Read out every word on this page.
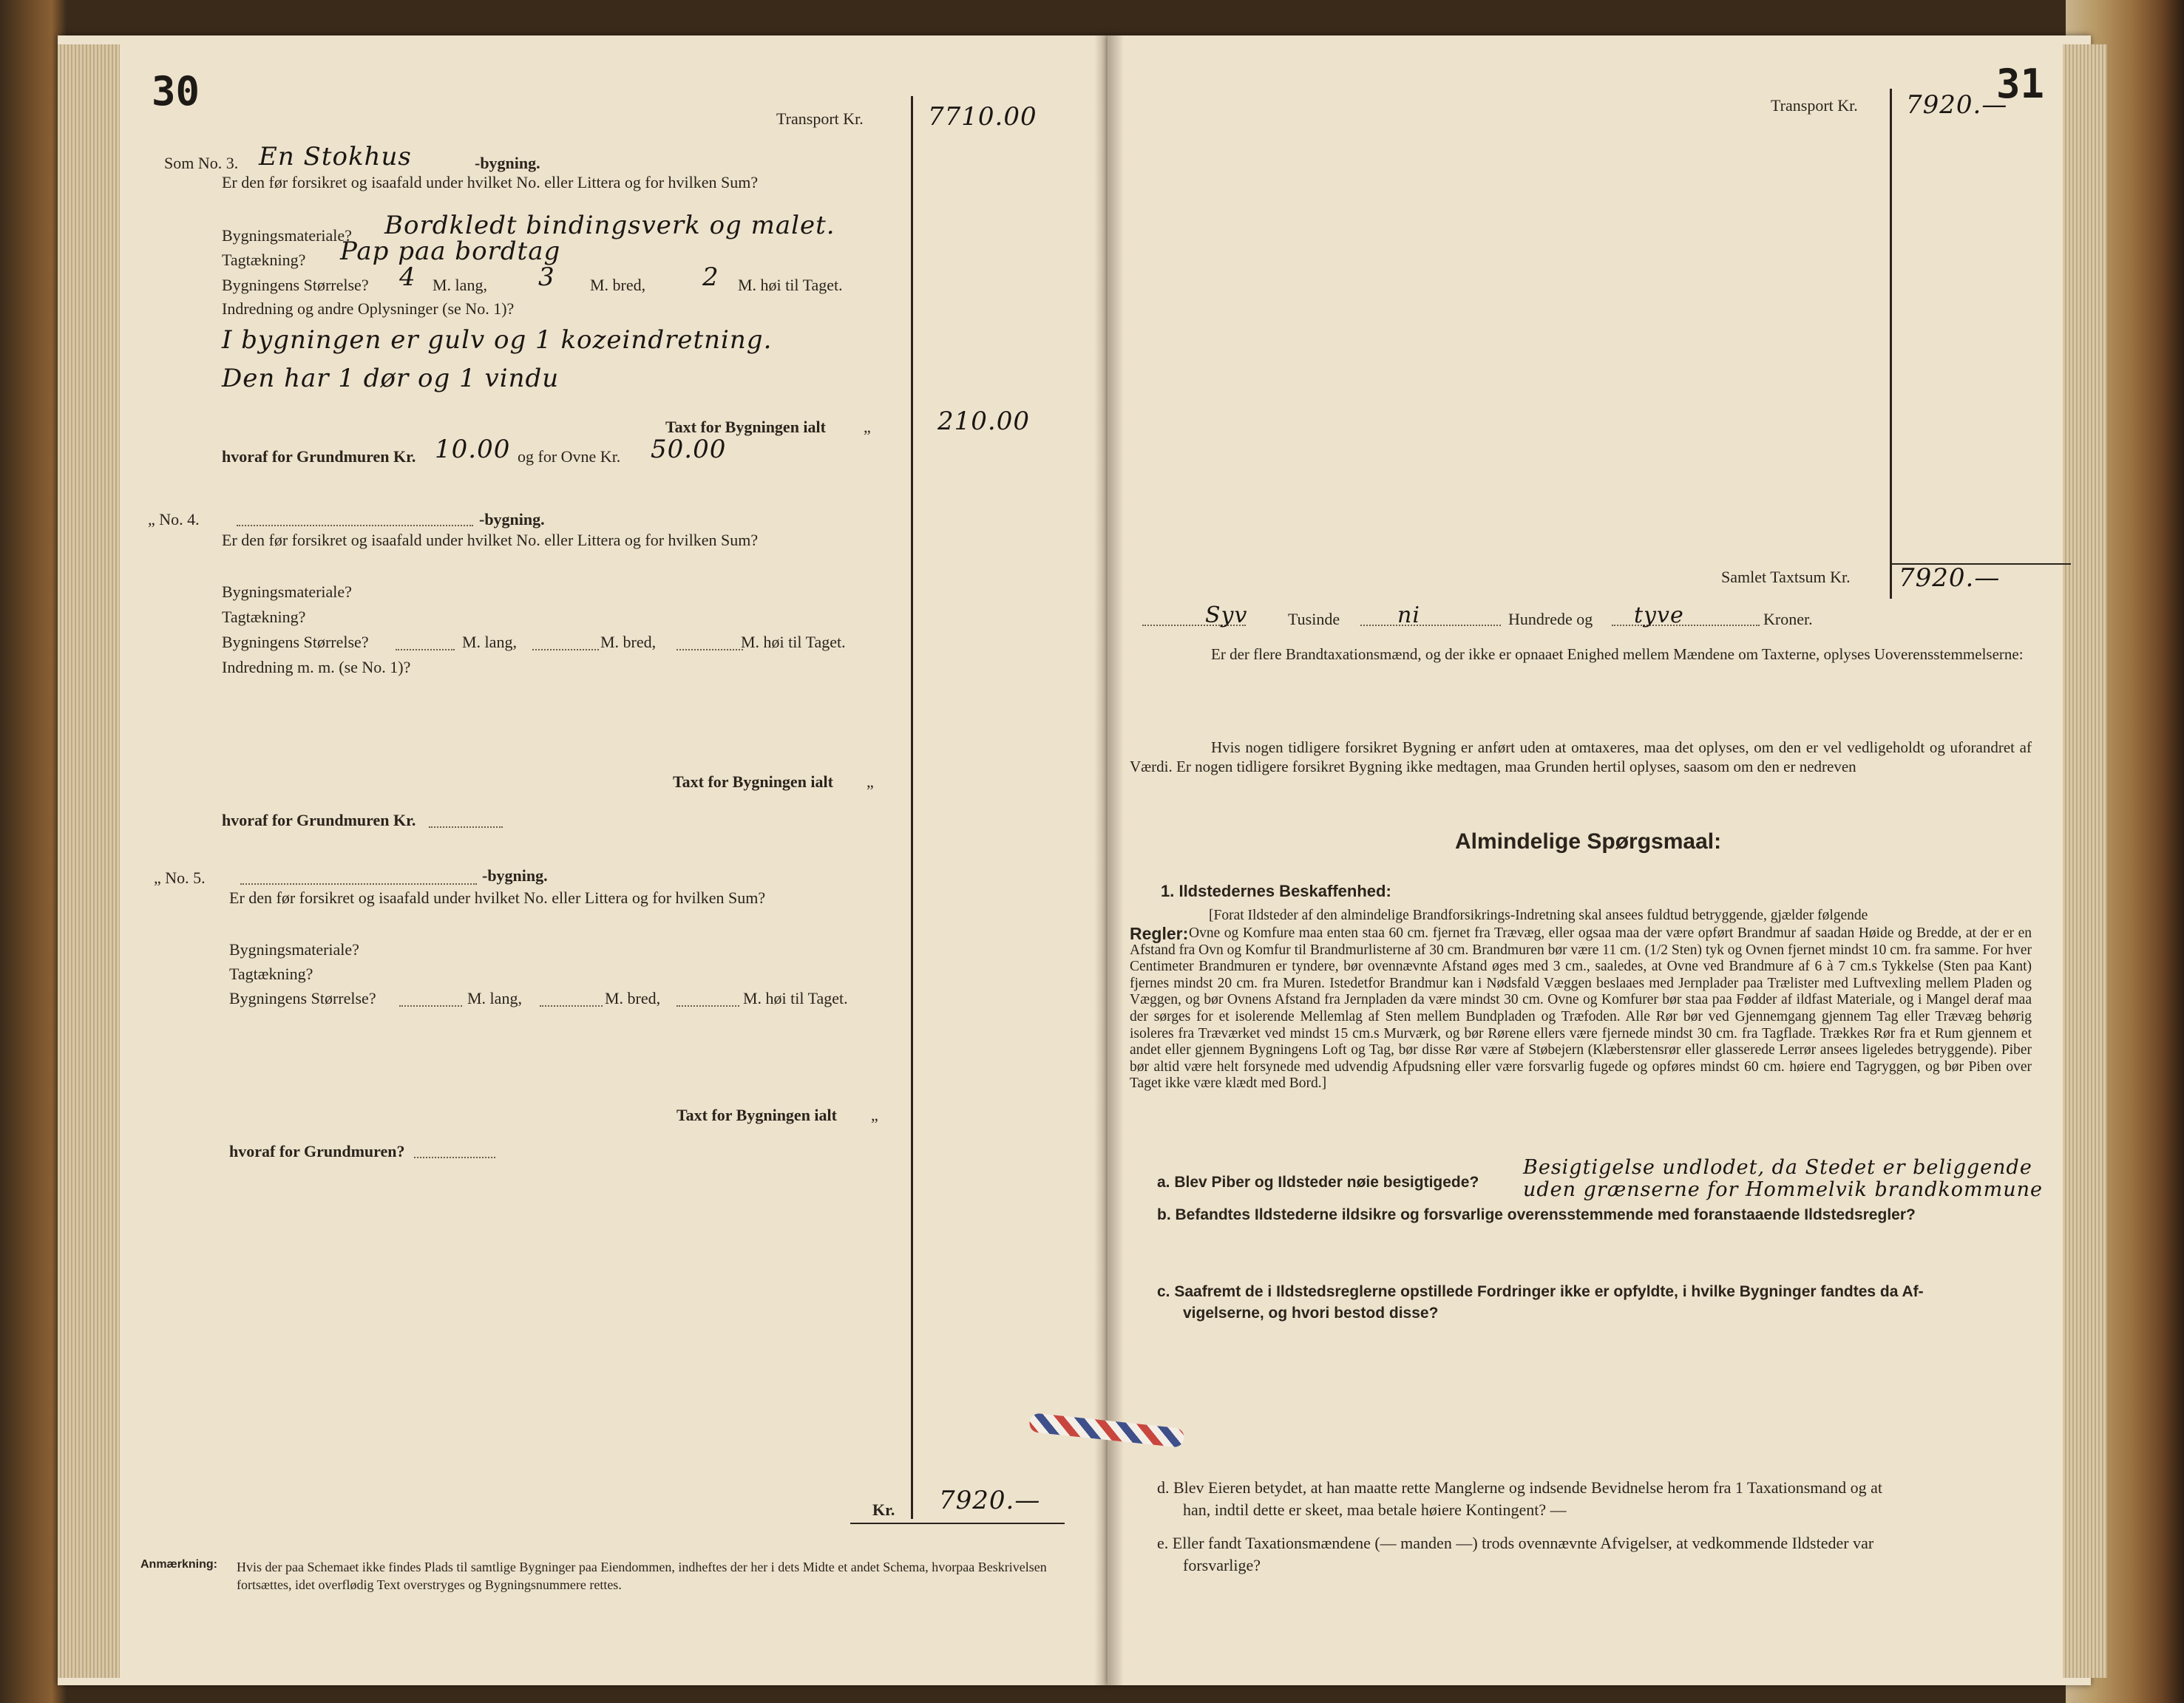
30
Transport Kr.	7710.00
Som No. 3. En Stokhus	-bygning.
Er den før forsikret og isaafald under hvilket No. eller Littera og for hvilken Sum?
Bygningsmateriale? Bordkledt bindingsverk og malet.
Tagtækning? Pap paa bordtag
Bygningens Størrelse? 4 M. lang, 3 M. bred, 2 M. høi til Taget.
Indredning og andre Oplysninger (se No. 1)?
I bygningen er gulv og 1 kozeindretning.
Den har 1 dør og 1 vindu
Taxt for Bygningen ialt „	210.00
hvoraf for Grundmuren Kr. 10.00 og for Ovne Kr. 50.00
„ No. 4.	-bygning.
Er den før forsikret og isaafald under hvilket No. eller Littera og for hvilken Sum?
Bygningsmateriale?
Tagtækning?
Bygningens Størrelse?	M. lang,	M. bred,	M. høi til Taget.
Indredning m. m. (se No. 1)?
Taxt for Bygningen ialt „
hvoraf for Grundmuren Kr.
„ No. 5.	-bygning.
Er den før forsikret og isaafald under hvilket No. eller Littera og for hvilken Sum?
Bygningsmateriale?
Tagtækning?
Bygningens Størrelse?	M. lang,	M. bred,	M. høi til Taget.
Taxt for Bygningen ialt „
hvoraf for Grundmuren?
Kr. 7920.—
Anmærkning: Hvis der paa Schemaet ikke findes Plads til samtlige Bygninger paa Eiendommen, indheftes der her i dets Midte et andet Schema, hvorpaa Beskrivelsen fortsættes, idet overflødig Text overstryges og Bygningsnummere rettes.
31
Transport Kr. 7920.—
Samlet Taxtsum Kr. 7920.—
Syv Tusinde	ni	Hundrede og tyve	Kroner.
Er der flere Brandtaxationsmænd, og der ikke er opnaaet Enighed mellem Mændene om Taxterne, oplyses Uoverensstemmelserne:
Hvis nogen tidligere forsikret Bygning er anført uden at omtaxeres, maa det oplyses, om den er vel vedligeholdt og uforandret af Værdi. Er nogen tidligere forsikret Bygning ikke medtagen, maa Grunden hertil oplyses, saasom om den er nedreven
Almindelige Spørgsmaal:
1. Ildstedernes Beskaffenhed:
[Forat Ildsteder af den almindelige Brandforsikrings-Indretning skal ansees fuldtud betryggende, gjælder følgende
Regler: Ovne og Komfure maa enten staa 60 cm. fjernet fra Trævæg, eller ogsaa maa der være opført Brandmur af saadan Høide og Bredde, at der er en Afstand fra Ovn og Komfur til Brandmurlisterne af 30 cm. Brandmuren bør være 11 cm. (1/2 Sten) tyk og Ovnen fjernet mindst 10 cm. fra samme. For hver Centimeter Brandmuren er tyndere, bør ovennævnte Afstand øges med 3 cm., saaledes, at Ovne ved Brandmure af 6 à 7 cm.s Tykkelse (Sten paa Kant) fjernes mindst 20 cm. fra Muren. Istedetfor Brandmur kan i Nødsfald Væggen beslaaes med Jernplader paa Trælister med Luftvexling mellem Pladen og Væggen, og bør Ovnens Afstand fra Jernpladen da være mindst 30 cm. Ovne og Komfurer bør staa paa Fødder af ildfast Materiale, og i Mangel deraf maa der sørges for et isolerende Mellemlag af Sten mellem Bundpladen og Træfoden. Alle Rør bør ved Gjennemgang gjennem Tag eller Trævæg behørig isoleres fra Træværket ved mindst 15 cm.s Murværk, og bør Rørene ellers være fjernede mindst 30 cm. fra Tagflade. Trækkes Rør fra et Rum gjennem et andet eller gjennem Bygningens Loft og Tag, bør disse Rør være af Støbejern (Klæberstensrør eller glasserede Lerrør ansees ligeledes betryggende). Piber bør altid være helt forsynede med udvendig Afpudsning eller være forsvarlig fugede og opføres mindst 60 cm. høiere end Tagryggen, og bør Piben over Taget ikke være klædt med Bord.]
a. Blev Piber og Ildsteder nøie besigtigede?
Besigtigelse undlodet, da Stedet er beliggende uden grænserne for Hommelvik brandkommune
b. Befandtes Ildstederne ildsikre og forsvarlige overensstemmende med foranstaaende Ildstedsregler?
c. Saafremt de i Ildstedsreglerne opstillede Fordringer ikke er opfyldte, i hvilke Bygninger fandtes da Af-
vigelserne, og hvori bestod disse?
d. Blev Eieren betydet, at han maatte rette Manglerne og indsende Bevidnelse herom fra 1 Taxationsmand og at
han, indtil dette er skeet, maa betale høiere Kontingent? —
e. Eller fandt Taxationsmændene (— manden —) trods ovennævnte Afvigelser, at vedkommende Ildsteder var
forsvarlige?
